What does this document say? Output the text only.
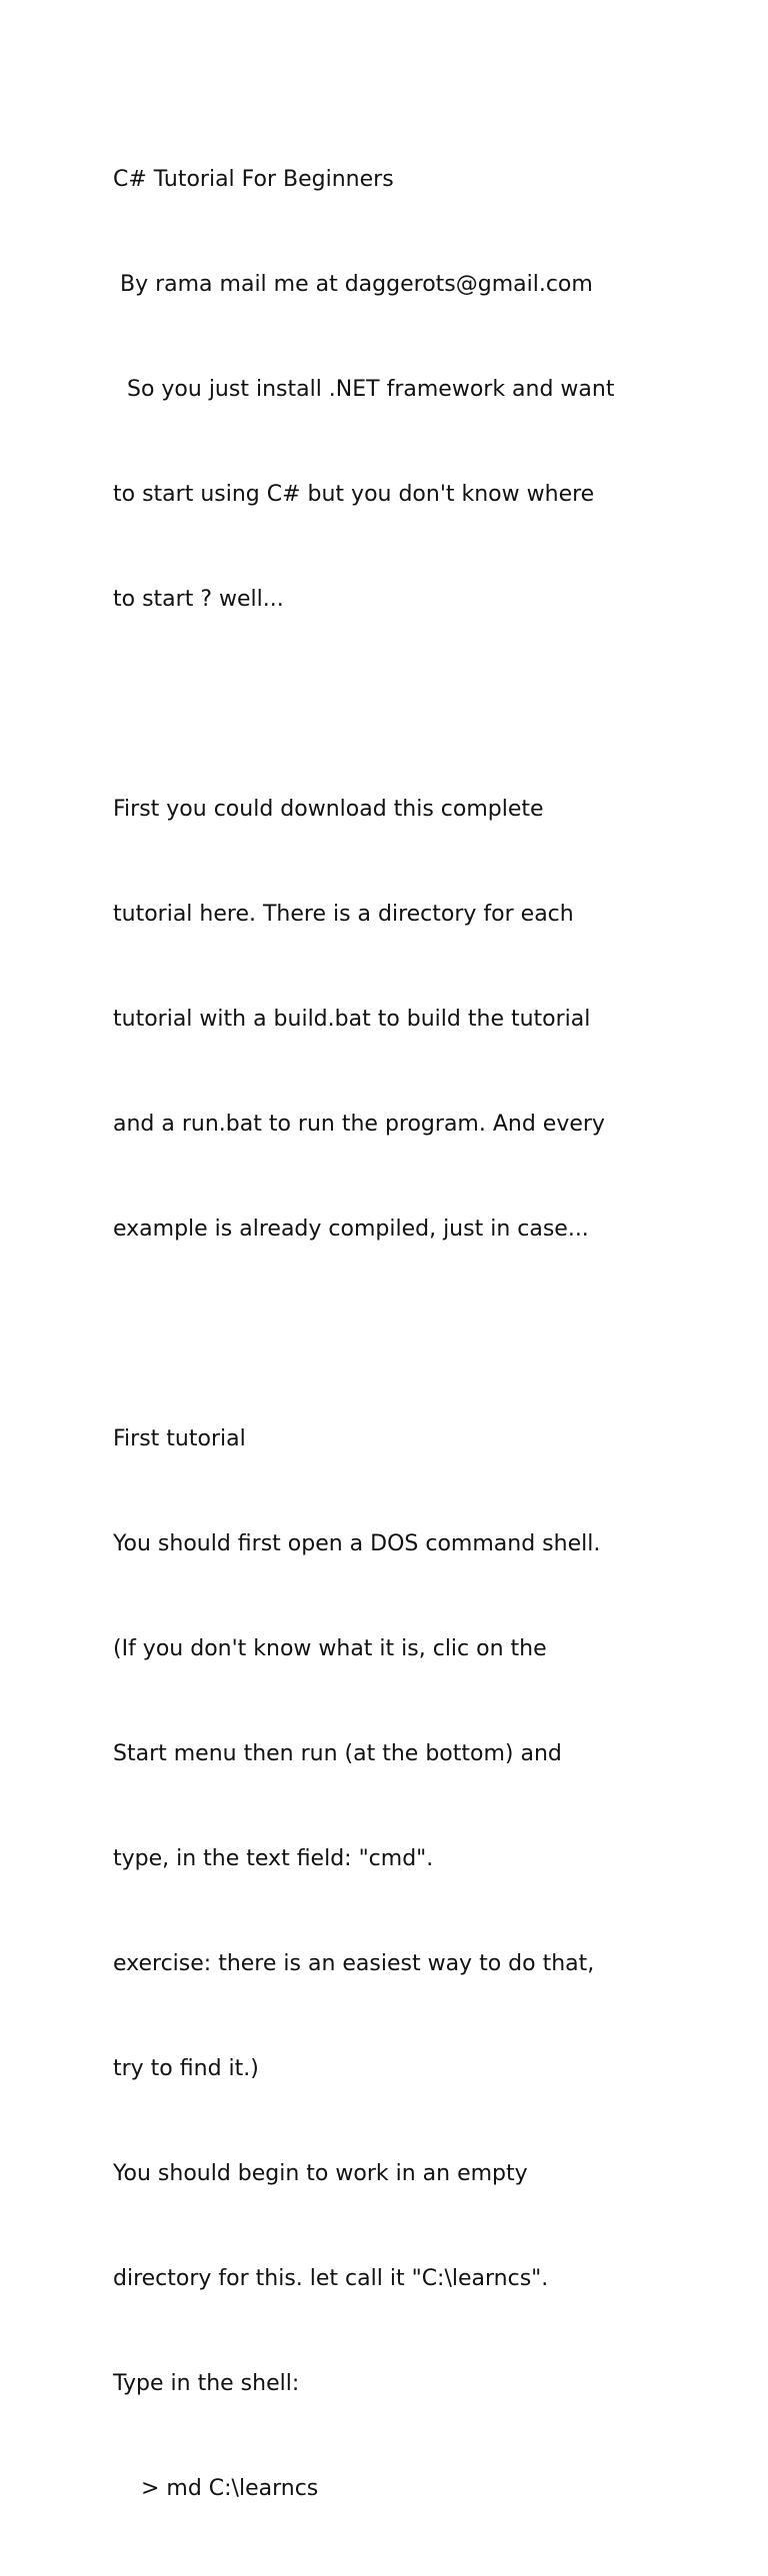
C# Tutorial For Beginners

By rama mail me at daggerots@gmail.com

So you just install .NET framework and want

to start using C# but you don't know where

to start ? well...

First you could download this complete

tutorial here. There is a directory for each

tutorial with a build.bat to build the tutorial

and a run.bat to run the program. And every

example is already compiled, just in case...

First tutorial

You should first open a DOS command shell.

(If you don't know what it is, clic on the

Start menu then run (at the bottom) and

type, in the text field: "cmd".

exercise: there is an easiest way to do that,

try to find it.)

You should begin to work in an empty

directory for this. let call it "C:\learncs".

Type in the shell:

> md C:\learncs
